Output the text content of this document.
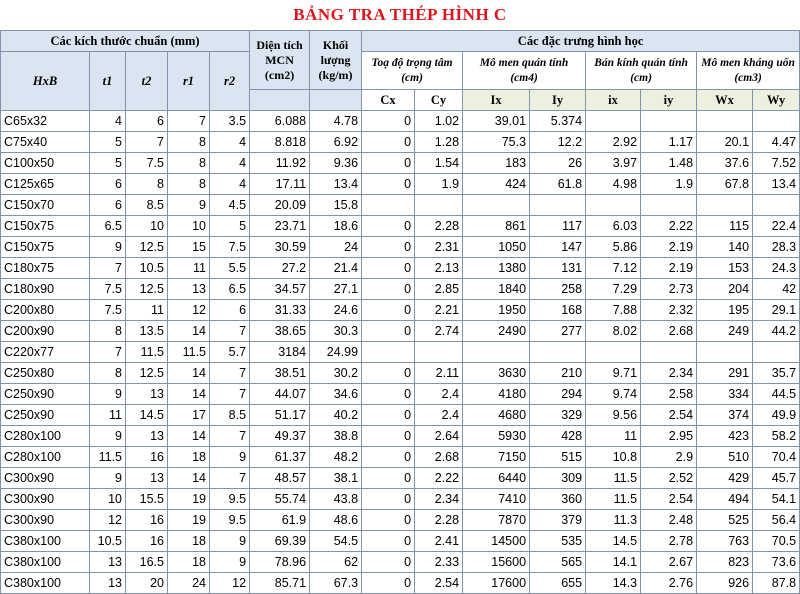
BẢNG TRA THÉP HÌNH C
Các kích thước chuẩn (mm)					Diện tích MCN (cm2)	Khối lượng (kg/m)	Các đặc trưng hình học							
HxB	t1	t2	r1	r2			Toạ độ trọng tâm (cm)		Mô men quán tính (cm4)		Bán kính quán tính (cm)		Mô men kháng uốn (cm3)	
							Cx	Cy	Ix	Iy	ix	iy	Wx	Wy
C65x32	4	6	7	3.5	6.088	4.78	0	1.02	39.01	5.374				
C75x40	5	7	8	4	8.818	6.92	0	1.28	75.3	12.2	2.92	1.17	20.1	4.47
C100x50	5	7.5	8	4	11.92	9.36	0	1.54	183	26	3.97	1.48	37.6	7.52
C125x65	6	8	8	4	17.11	13.4	0	1.9	424	61.8	4.98	1.9	67.8	13.4
C150x70	6	8.5	9	4.5	20.09	15.8								
C150x75	6.5	10	10	5	23.71	18.6	0	2.28	861	117	6.03	2.22	115	22.4
C150x75	9	12.5	15	7.5	30.59	24	0	2.31	1050	147	5.86	2.19	140	28.3
C180x75	7	10.5	11	5.5	27.2	21.4	0	2.13	1380	131	7.12	2.19	153	24.3
C180x90	7.5	12.5	13	6.5	34.57	27.1	0	2.85	1840	258	7.29	2.73	204	42
C200x80	7.5	11	12	6	31.33	24.6	0	2.21	1950	168	7.88	2.32	195	29.1
C200x90	8	13.5	14	7	38.65	30.3	0	2.74	2490	277	8.02	2.68	249	44.2
C220x77	7	11.5	11.5	5.7	3184	24.99								
C250x80	8	12.5	14	7	38.51	30.2	0	2.11	3630	210	9.71	2.34	291	35.7
C250x90	9	13	14	7	44.07	34.6	0	2.4	4180	294	9.74	2.58	334	44.5
C250x90	11	14.5	17	8.5	51.17	40.2	0	2.4	4680	329	9.56	2.54	374	49.9
C280x100	9	13	14	7	49.37	38.8	0	2.64	5930	428	11	2.95	423	58.2
C280x100	11.5	16	18	9	61.37	48.2	0	2.68	7150	515	10.8	2.9	510	70.4
C300x90	9	13	14	7	48.57	38.1	0	2.22	6440	309	11.5	2.52	429	45.7
C300x90	10	15.5	19	9.5	55.74	43.8	0	2.34	7410	360	11.5	2.54	494	54.1
C300x90	12	16	19	9.5	61.9	48.6	0	2.28	7870	379	11.3	2.48	525	56.4
C380x100	10.5	16	18	9	69.39	54.5	0	2.41	14500	535	14.5	2.78	763	70.5
C380x100	13	16.5	18	9	78.96	62	0	2.33	15600	565	14.1	2.67	823	73.6
C380x100	13	20	24	12	85.71	67.3	0	2.54	17600	655	14.3	2.76	926	87.8
